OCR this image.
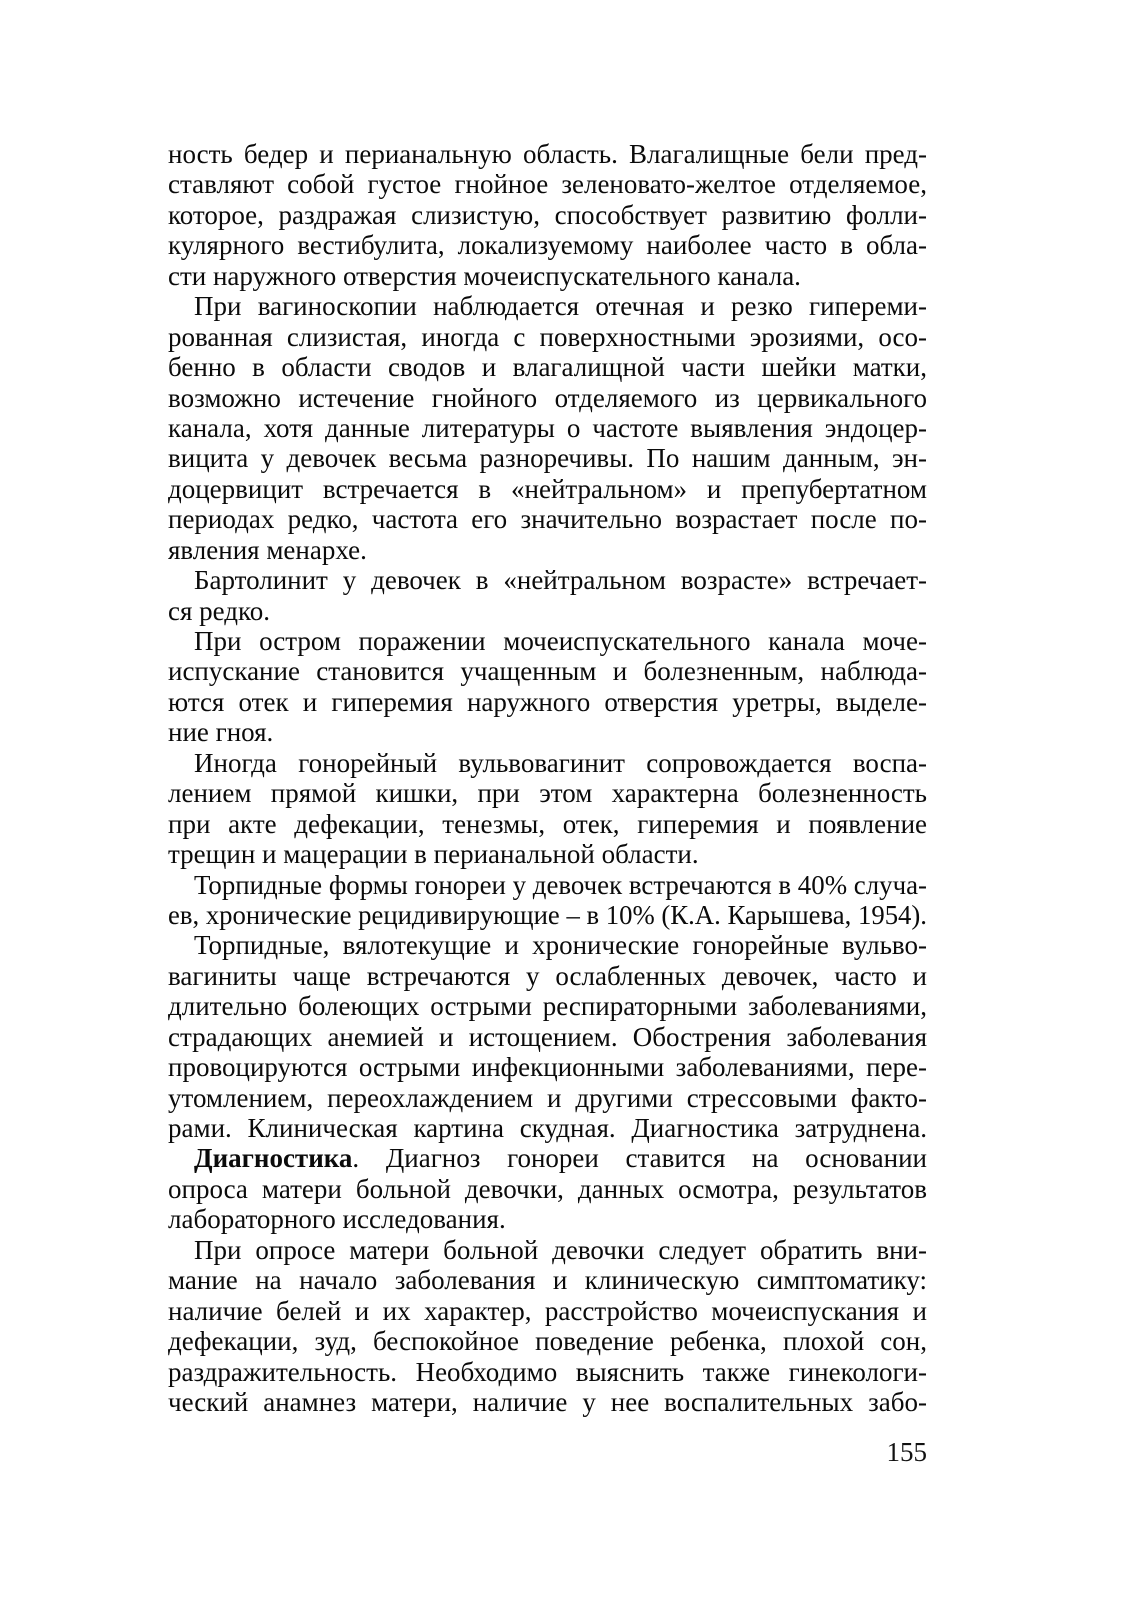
ность бедер и перианальную область. Влагалищные бели пред-
ставляют собой густое гнойное зеленовато-желтое отделяемое,
которое, раздражая слизистую, способствует развитию фолли-
кулярного вестибулита, локализуемому наиболее часто в обла-
сти наружного отверстия мочеиспускательного канала.
При вагиноскопии наблюдается отечная и резко гипереми-
рованная слизистая, иногда с поверхностными эрозиями, осо-
бенно в области сводов и влагалищной части шейки матки,
возможно истечение гнойного отделяемого из цервикального
канала, хотя данные литературы о частоте выявления эндоцер-
вицита у девочек весьма разноречивы. По нашим данным, эн-
доцервицит встречается в «нейтральном» и препубертатном
периодах редко, частота его значительно возрастает после по-
явления менархе.
Бартолинит у девочек в «нейтральном возрасте» встречает-
ся редко.
При остром поражении мочеиспускательного канала моче-
испускание становится учащенным и болезненным, наблюда-
ются отек и гиперемия наружного отверстия уретры, выделе-
ние гноя.
Иногда гонорейный вульвовагинит сопровождается воспа-
лением прямой кишки, при этом характерна болезненность
при акте дефекации, тенезмы, отек, гиперемия и появление
трещин и мацерации в перианальной области.
Торпидные формы гонореи у девочек встречаются в 40% случа-
ев, хронические рецидивирующие – в 10% (К.А. Карышева, 1954).
Торпидные, вялотекущие и хронические гонорейные вульво-
вагиниты чаще встречаются у ослабленных девочек, часто и
длительно болеющих острыми респираторными заболеваниями,
страдающих анемией и истощением. Обострения заболевания
провоцируются острыми инфекционными заболеваниями, пере-
утомлением, переохлаждением и другими стрессовыми факто-
рами. Клиническая картина скудная. Диагностика затруднена.
Диагностика. Диагноз гонореи ставится на основании
опроса матери больной девочки, данных осмотра, результатов
лабораторного исследования.
При опросе матери больной девочки следует обратить вни-
мание на начало заболевания и клиническую симптоматику:
наличие белей и их характер, расстройство мочеиспускания и
дефекации, зуд, беспокойное поведение ребенка, плохой сон,
раздражительность. Необходимо выяснить также гинекологи-
ческий анамнез матери, наличие у нее воспалительных забо-
155
